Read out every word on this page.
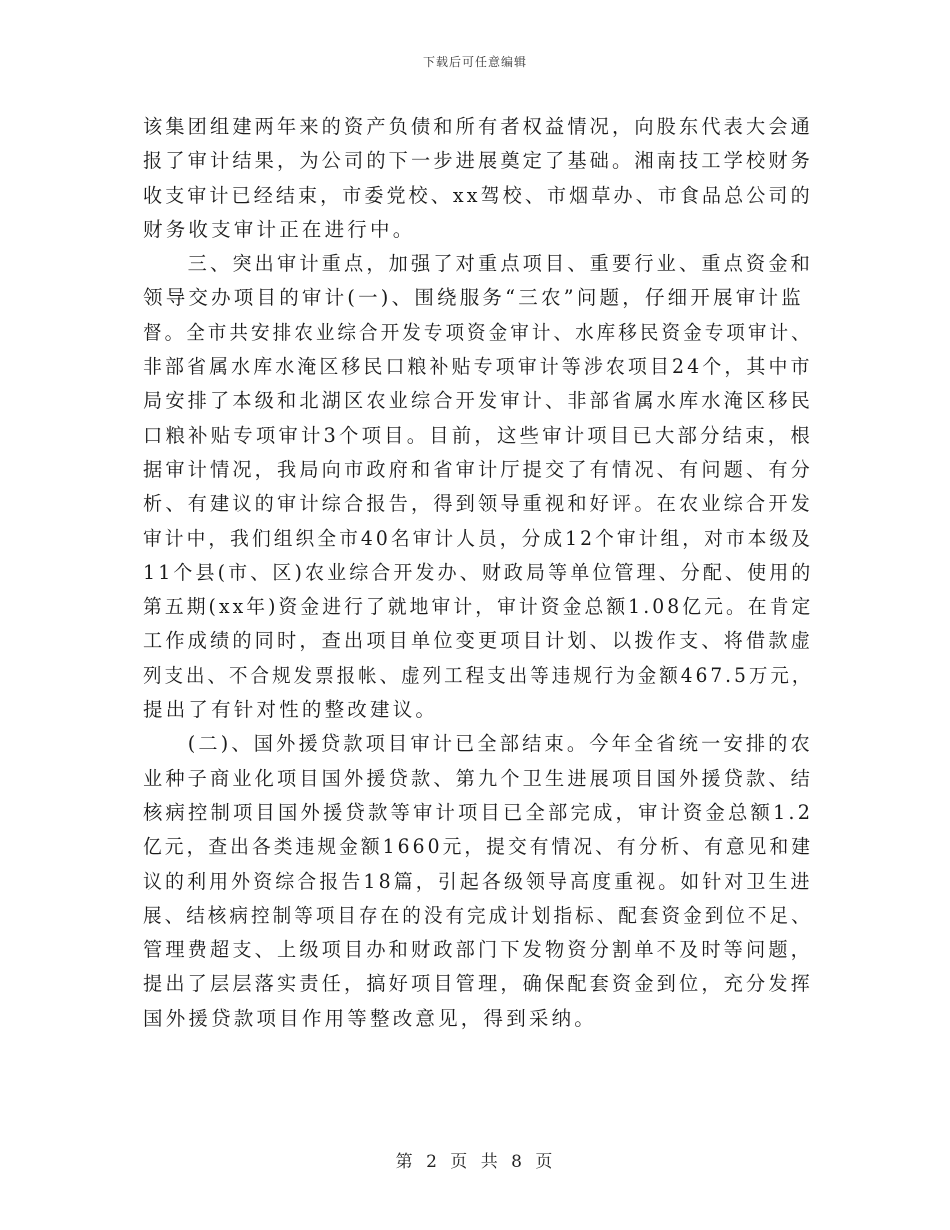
下载后可任意编辑
该集团组建两年来的资产负债和所有者权益情况，向股东代表大会通
报了审计结果，为公司的下一步进展奠定了基础。湘南技工学校财务
收支审计已经结束，市委党校、xx驾校、市烟草办、市食品总公司的
财务收支审计正在进行中。
　　三、突出审计重点，加强了对重点项目、重要行业、重点资金和
领导交办项目的审计(一)、围绕服务“三农”问题，仔细开展审计监
督。全市共安排农业综合开发专项资金审计、水库移民资金专项审计、
非部省属水库水淹区移民口粮补贴专项审计等涉农项目24个，其中市
局安排了本级和北湖区农业综合开发审计、非部省属水库水淹区移民
口粮补贴专项审计3个项目。目前，这些审计项目已大部分结束，根
据审计情况，我局向市政府和省审计厅提交了有情况、有问题、有分
析、有建议的审计综合报告，得到领导重视和好评。在农业综合开发
审计中，我们组织全市40名审计人员，分成12个审计组，对市本级及
11个县(市、区)农业综合开发办、财政局等单位管理、分配、使用的
第五期(xx年)资金进行了就地审计，审计资金总额1.08亿元。在肯定
工作成绩的同时，查出项目单位变更项目计划、以拨作支、将借款虚
列支出、不合规发票报帐、虚列工程支出等违规行为金额467.5万元，
提出了有针对性的整改建议。
　　(二)、国外援贷款项目审计已全部结束。今年全省统一安排的农
业种子商业化项目国外援贷款、第九个卫生进展项目国外援贷款、结
核病控制项目国外援贷款等审计项目已全部完成，审计资金总额1.2
亿元，查出各类违规金额1660元，提交有情况、有分析、有意见和建
议的利用外资综合报告18篇，引起各级领导高度重视。如针对卫生进
展、结核病控制等项目存在的没有完成计划指标、配套资金到位不足、
管理费超支、上级项目办和财政部门下发物资分割单不及时等问题，
提出了层层落实责任，搞好项目管理，确保配套资金到位，充分发挥
国外援贷款项目作用等整改意见，得到采纳。
第 2 页 共 8 页
